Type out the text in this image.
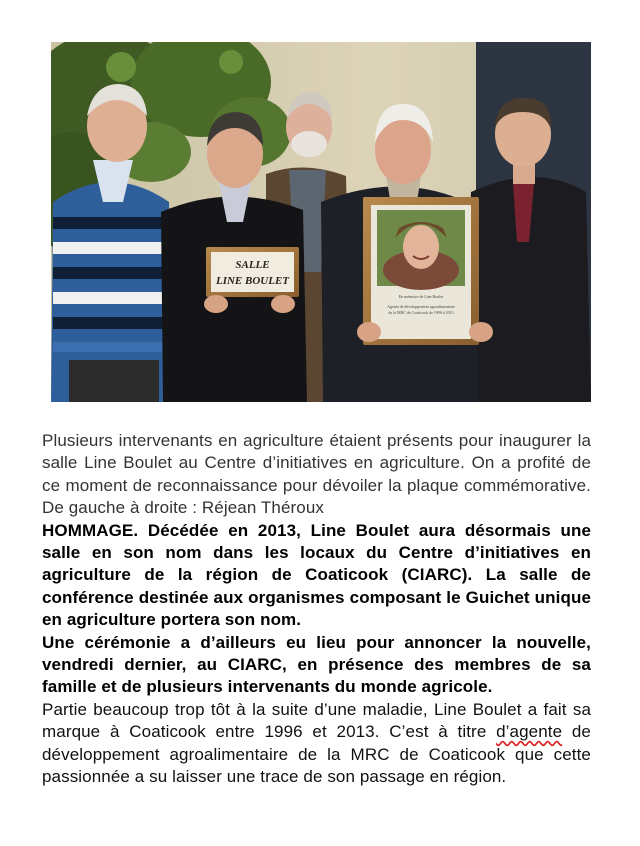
SALLE
LINE BOULET
En mémoire de Line Boulet
Agente de développement agroalimentaire
de la MRC de Coaticook de 1996 à 2013

Plusieurs intervenants en agriculture étaient présents pour inaugurer la salle Line Boulet au Centre d’initiatives en agriculture. On a profité de ce moment de reconnaissance pour dévoiler la plaque commémorative. De gauche à droite : Réjean Théroux

HOMMAGE. Décédée en 2013, Line Boulet aura désormais une salle en son nom dans les locaux du Centre d’initiatives en agriculture de la région de Coaticook (CIARC). La salle de conférence destinée aux organismes composant le Guichet unique en agriculture portera son nom.

Une cérémonie a d’ailleurs eu lieu pour annoncer la nouvelle, vendredi dernier, au CIARC, en présence des membres de sa famille et de plusieurs intervenants du monde agricole.

Partie beaucoup trop tôt à la suite d’une maladie, Line Boulet a fait sa marque à Coaticook entre 1996 et 2013. C’est à titre d’agente de développement agroalimentaire de la MRC de Coaticook que cette passionnée a su laisser une trace de son passage en région.
